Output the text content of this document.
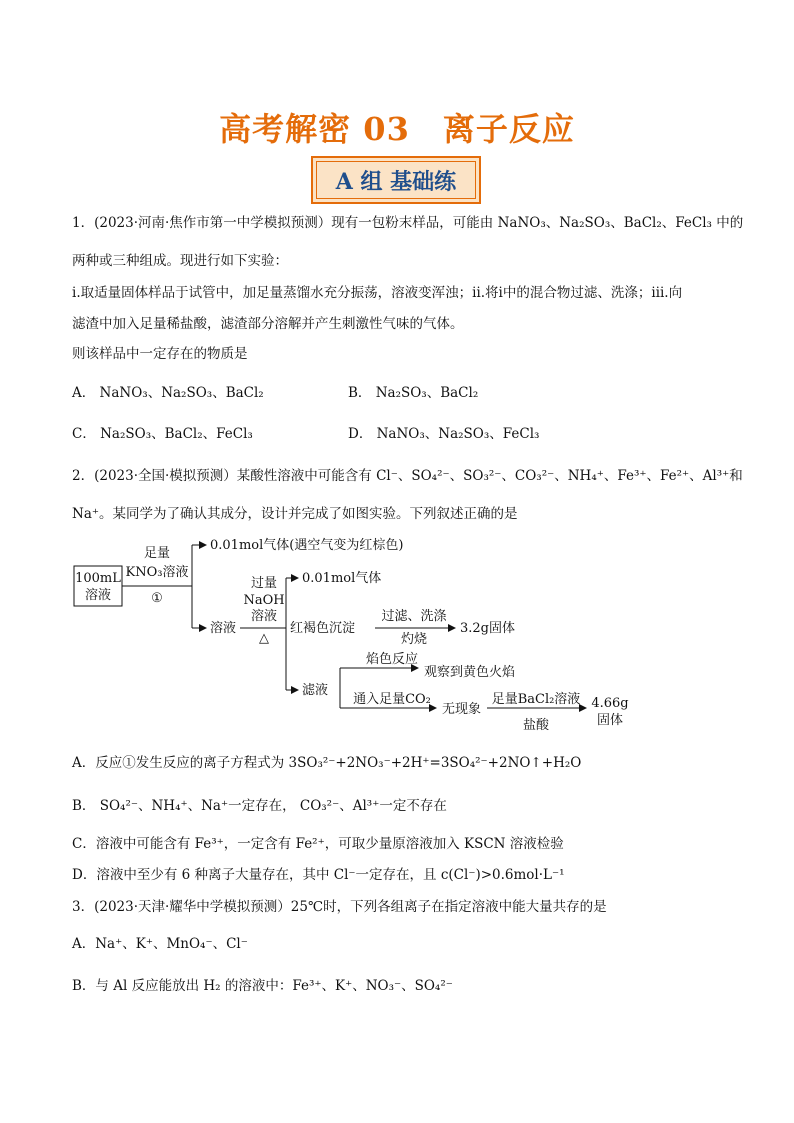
高考解密 03　离子反应
A 组 基础练
1．(2023·河南·焦作市第一中学模拟预测）现有一包粉末样品，可能由 NaNO₃、Na₂SO₃、BaCl₂、FeCl₃ 中的
两种或三种组成。现进行如下实验：
ⅰ.取适量固体样品于试管中，加足量蒸馏水充分振荡，溶液变浑浊；ⅱ.将ⅰ中的混合物过滤、洗涤；ⅲ.向
滤渣中加入足量稀盐酸，滤渣部分溶解并产生刺激性气味的气体。
则该样品中一定存在的物质是
A． NaNO₃、Na₂SO₃、BaCl₂	B． Na₂SO₃、BaCl₂
C． Na₂SO₃、BaCl₂、FeCl₃	D． NaNO₃、Na₂SO₃、FeCl₃
2．(2023·全国·模拟预测）某酸性溶液中可能含有 Cl⁻、SO₄²⁻、SO₃²⁻、CO₃²⁻、NH₄⁺、Fe³⁺、Fe²⁺、Al³⁺和
Na⁺。某同学为了确认其成分，设计并完成了如图实验。下列叙述正确的是
100mL
溶液
足量
KNO₃溶液
①
0.01mol气体(遇空气变为红棕色)
溶液
过量
NaOH
溶液
△
0.01mol气体
红褐色沉淀
过滤、洗涤
灼烧
3.2g固体
滤液
焰色反应
观察到黄色火焰
通入足量CO₂
无现象
足量BaCl₂溶液
盐酸
4.66g
固体
A．反应①发生反应的离子方程式为 3SO₃²⁻+2NO₃⁻+2H⁺=3SO₄²⁻+2NO↑+H₂O
B． SO₄²⁻、NH₄⁺、Na⁺一定存在， CO₃²⁻、Al³⁺一定不存在
C．溶液中可能含有 Fe³⁺，一定含有 Fe²⁺，可取少量原溶液加入 KSCN 溶液检验
D．溶液中至少有 6 种离子大量存在，其中 Cl⁻一定存在，且 c(Cl⁻)>0.6mol·L⁻¹
3．(2023·天津·耀华中学模拟预测）25℃时，下列各组离子在指定溶液中能大量共存的是
A．Na⁺、K⁺、MnO₄⁻、Cl⁻
B．与 Al 反应能放出 H₂ 的溶液中：Fe³⁺、K⁺、NO₃⁻、SO₄²⁻
